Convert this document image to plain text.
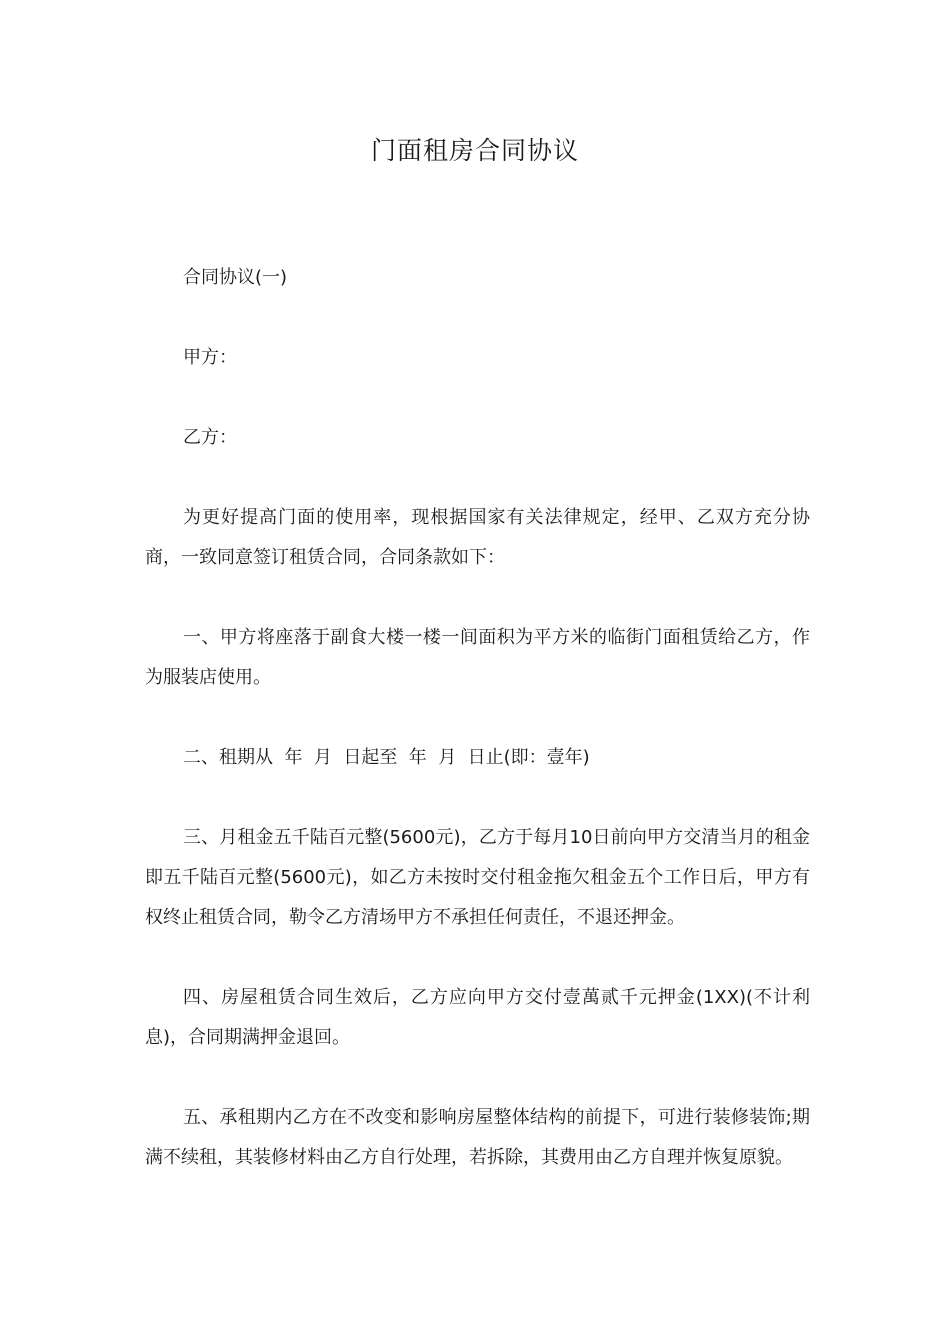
门面租房合同协议

合同协议(一)

甲方：

乙方：

为更好提高门面的使用率，现根据国家有关法律规定，经甲、乙双方充分协商，一致同意签订租赁合同，合同条款如下：

一、甲方将座落于副食大楼一楼一间面积为平方米的临街门面租赁给乙方，作为服装店使用。

二、租期从  年  月  日起至  年  月  日止(即：壹年)

三、月租金五千陆百元整(5600元)，乙方于每月10日前向甲方交清当月的租金即五千陆百元整(5600元)，如乙方未按时交付租金拖欠租金五个工作日后，甲方有权终止租赁合同，勒令乙方清场甲方不承担任何责任，不退还押金。

四、房屋租赁合同生效后，乙方应向甲方交付壹萬贰千元押金(1XX)(不计利息)，合同期满押金退回。

五、承租期内乙方在不改变和影响房屋整体结构的前提下，可进行装修装饰;期满不续租，其装修材料由乙方自行处理，若拆除，其费用由乙方自理并恢复原貌。
